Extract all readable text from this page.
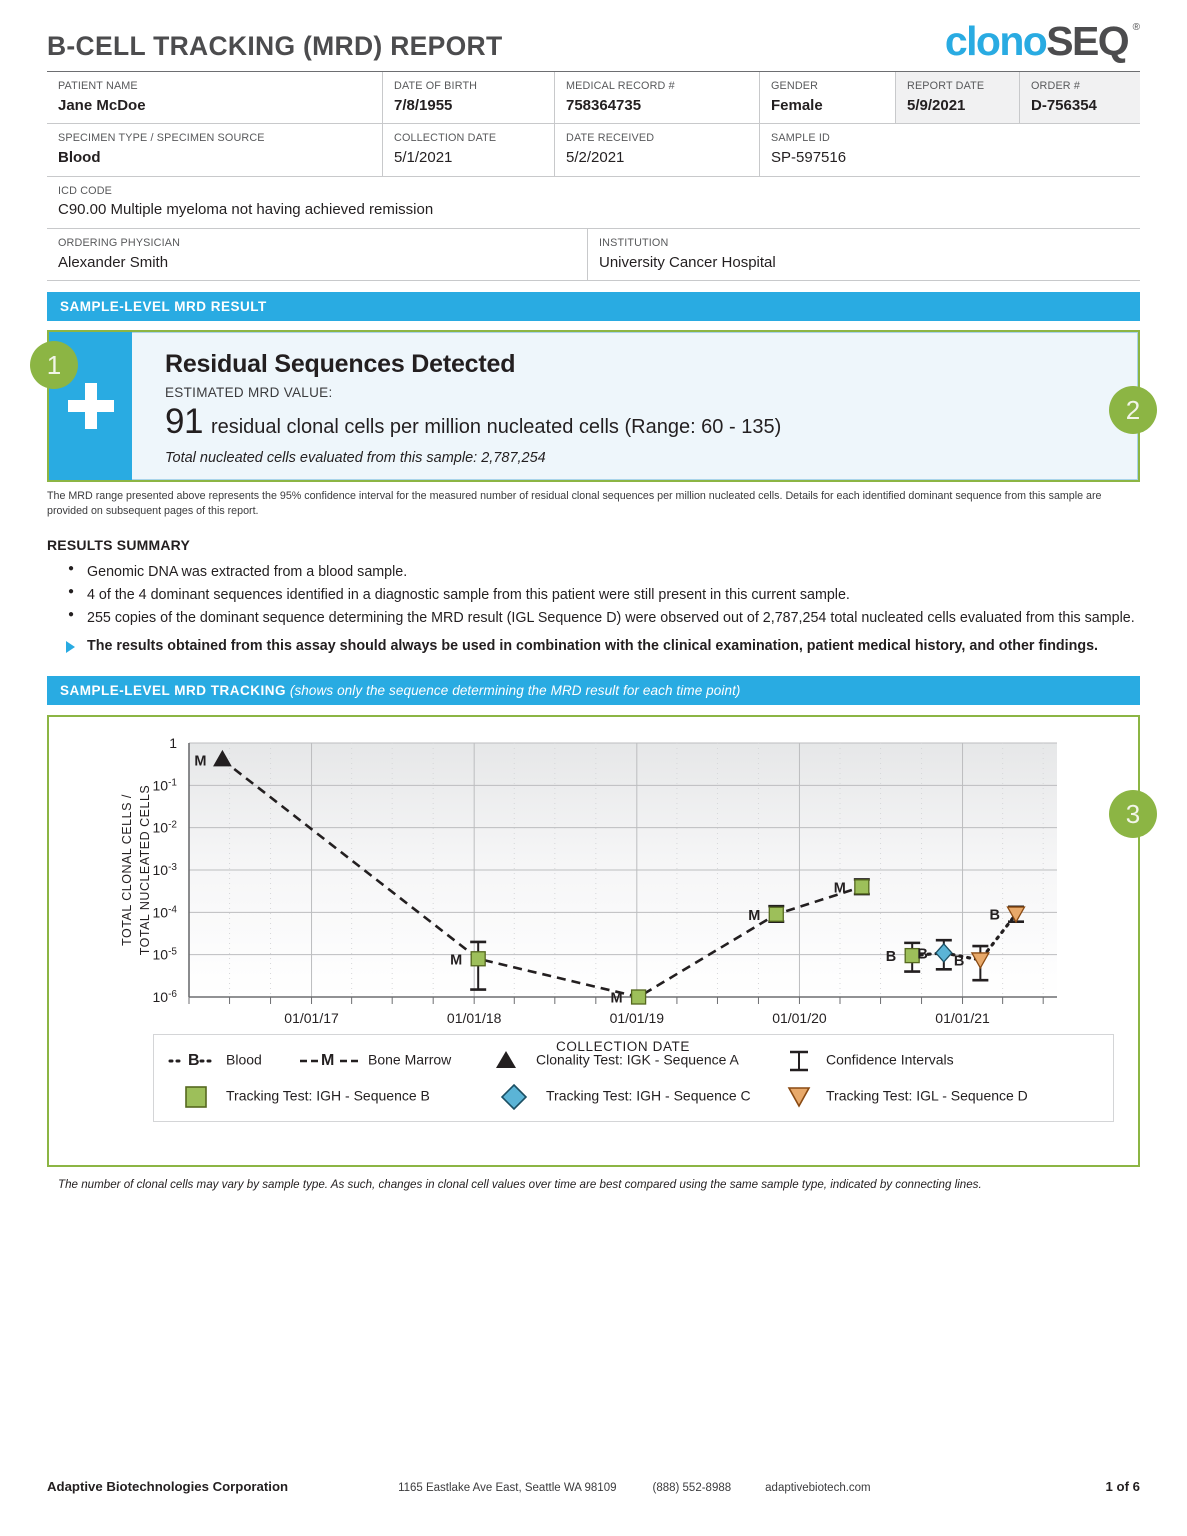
B-CELL TRACKING (MRD) REPORT	clonoSEQ ®
PATIENT NAME
Jane McDoe
DATE OF BIRTH
7/8/1955
MEDICAL RECORD #
758364735
GENDER
Female
REPORT DATE
5/9/2021
ORDER #
D-756354
SPECIMEN TYPE / SPECIMEN SOURCE
Blood
COLLECTION DATE
5/1/2021
DATE RECEIVED
5/2/2021
SAMPLE ID
SP-597516
ICD CODE
C90.00 Multiple myeloma not having achieved remission
ORDERING PHYSICIAN
Alexander Smith
INSTITUTION
University Cancer Hospital
SAMPLE-LEVEL MRD RESULT
1
2
Residual Sequences Detected
ESTIMATED MRD VALUE:
91 residual clonal cells per million nucleated cells (Range: 60 - 135)
Total nucleated cells evaluated from this sample: 2,787,254
The MRD range presented above represents the 95% confidence interval for the measured number of residual clonal sequences per million nucleated cells. Details for each identified dominant sequence from this sample are provided on subsequent pages of this report.
RESULTS SUMMARY
● Genomic DNA was extracted from a blood sample.
● 4 of the 4 dominant sequences identified in a diagnostic sample from this patient were still present in this current sample.
● 255 copies of the dominant sequence determining the MRD result (IGL Sequence D) were observed out of 2,787,254 total nucleated cells evaluated from this sample.
The results obtained from this assay should always be used in combination with the clinical examination, patient medical history, and other findings.
SAMPLE-LEVEL MRD TRACKING (shows only the sequence determining the MRD result for each time point)
3
1
$10^{-1}$
$10^{-2}$
$10^{-3}$
$10^{-4}$
$10^{-5}$
$10^{-6}$
01/01/17	01/01/18	01/01/19	01/01/20	01/01/21
COLLECTION DATE
TOTAL CLONAL CELLS / TOTAL NUCLEATED CELLS
M
M
M
M
M
B B B
B
B Blood	M Bone Marrow	Clonality Test: IGK - Sequence A	Confidence Intervals
Tracking Test: IGH - Sequence B	Tracking Test: IGH - Sequence C	Tracking Test: IGL - Sequence D
The number of clonal cells may vary by sample type. As such, changes in clonal cell values over time are best compared using the same sample type, indicated by connecting lines.
Adaptive Biotechnologies Corporation	1165 Eastlake Ave East, Seattle WA 98109	(888) 552-8988	adaptivebiotech.com	1 of 6
